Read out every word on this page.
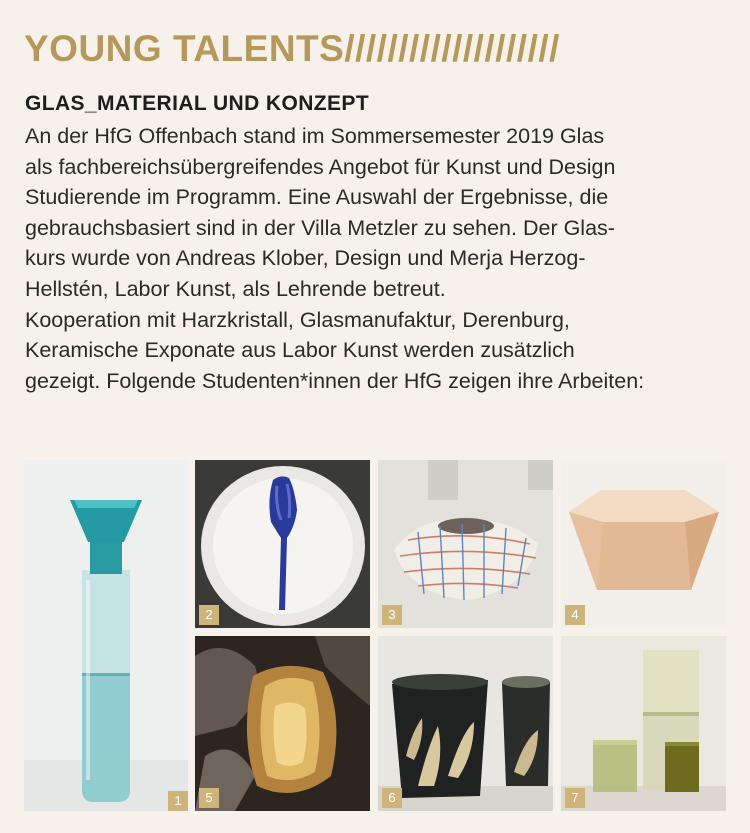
YOUNG TALENTS////////////////////
GLAS_MATERIAL UND KONZEPT

An der HfG Offenbach stand im Sommersemester 2019 Glas

als fachbereichsübergreifendes Angebot für Kunst und Design

Studierende im Programm. Eine Auswahl der Ergebnisse, die

gebrauchsbasiert sind in der Villa Metzler zu sehen. Der Glas-

kurs wurde von Andreas Klober, Design und Merja Herzog-

Hellstén, Labor Kunst, als Lehrende betreut.

Kooperation mit Harzkristall, Glasmanufaktur, Derenburg,

Keramische Exponate aus Labor Kunst werden zusätzlich

gezeigt. Folgende Studenten*innen der HfG zeigen ihre Arbeiten:

1
2	3	4
5	6	7
